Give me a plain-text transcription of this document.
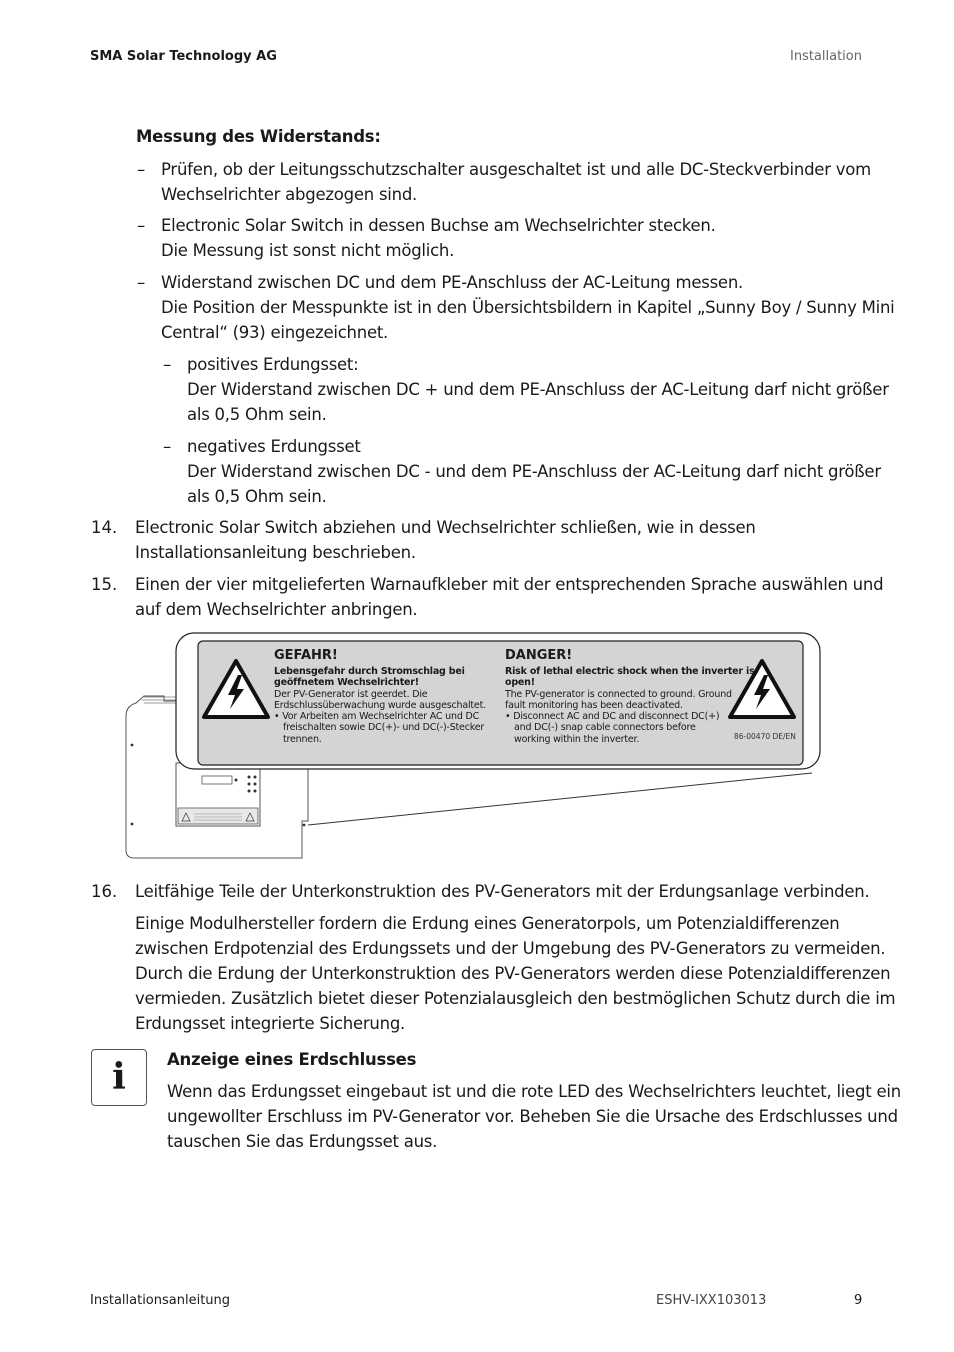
SMA Solar Technology AG	Installation
Messung des Widerstands:
– Prüfen, ob der Leitungsschutzschalter ausgeschaltet ist und alle DC-Steckverbinder vom
Wechselrichter abgezogen sind.
– Electronic Solar Switch in dessen Buchse am Wechselrichter stecken.
Die Messung ist sonst nicht möglich.
– Widerstand zwischen DC und dem PE-Anschluss der AC-Leitung messen.
Die Position der Messpunkte ist in den Übersichtsbildern in Kapitel „Sunny Boy / Sunny Mini
Central“ (93) eingezeichnet.
– positives Erdungsset:
Der Widerstand zwischen DC + und dem PE-Anschluss der AC-Leitung darf nicht größer
als 0,5 Ohm sein.
– negatives Erdungsset
Der Widerstand zwischen DC - und dem PE-Anschluss der AC-Leitung darf nicht größer
als 0,5 Ohm sein.
14. Electronic Solar Switch abziehen und Wechselrichter schließen, wie in dessen
Installationsanleitung beschrieben.
15. Einen der vier mitgelieferten Warnaufkleber mit der entsprechenden Sprache auswählen und
auf dem Wechselrichter anbringen.
GEFAHR!
Lebensgefahr durch Stromschlag bei
geöffnetem Wechselrichter!
Der PV-Generator ist geerdet. Die
Erdschlussüberwachung wurde ausgeschaltet.
• Vor Arbeiten am Wechselrichter AC und DC
freischalten sowie DC(+)- und DC(-)-Stecker
trennen.
DANGER!
Risk of lethal electric shock when the inverter is
open!
The PV-generator is connected to ground. Ground
fault monitoring has been deactivated.
• Disconnect AC and DC and disconnect DC(+)
and DC(-) snap cable connectors before
working within the inverter.	86-00470 DE/EN
16. Leitfähige Teile der Unterkonstruktion des PV-Generators mit der Erdungsanlage verbinden.
Einige Modulhersteller fordern die Erdung eines Generatorpols, um Potenzialdifferenzen
zwischen Erdpotenzial des Erdungssets und der Umgebung des PV-Generators zu vermeiden.
Durch die Erdung der Unterkonstruktion des PV-Generators werden diese Potenzialdifferenzen
vermieden. Zusätzlich bietet dieser Potenzialausgleich den bestmöglichen Schutz durch die im
Erdungsset integrierte Sicherung.
i	Anzeige eines Erdschlusses
Wenn das Erdungsset eingebaut ist und die rote LED des Wechselrichters leuchtet, liegt ein
ungewollter Erschluss im PV-Generator vor. Beheben Sie die Ursache des Erdschlusses und
tauschen Sie das Erdungsset aus.
Installationsanleitung	ESHV-IXX103013	9
